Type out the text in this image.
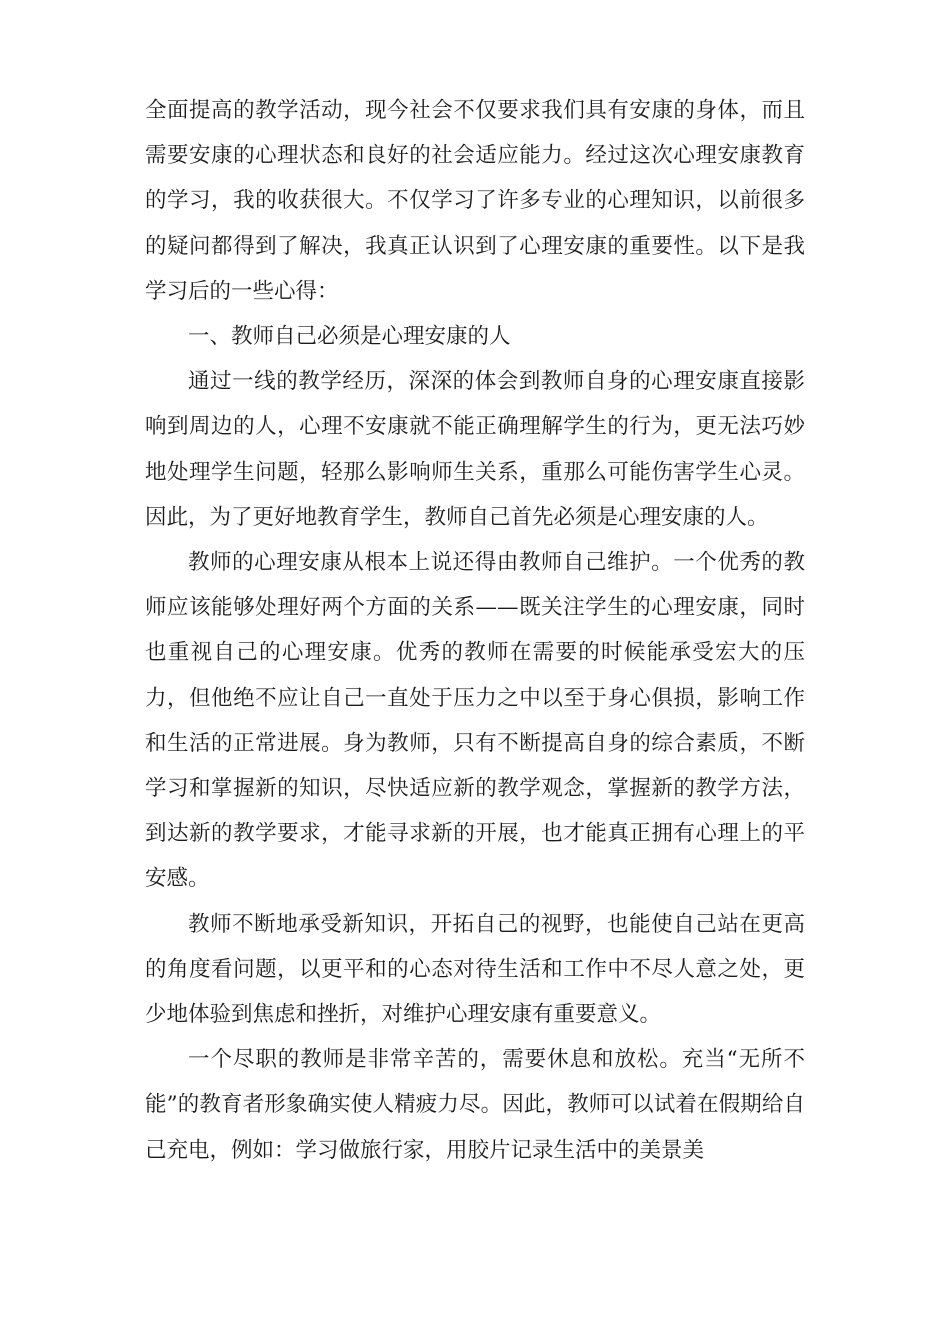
全面提高的教学活动，现今社会不仅要求我们具有安康的身体，而且需要安康的心理状态和良好的社会适应能力。经过这次心理安康教育的学习，我的收获很大。不仅学习了许多专业的心理知识，以前很多的疑问都得到了解决，我真正认识到了心理安康的重要性。以下是我学习后的一些心得：

一、教师自己必须是心理安康的人

通过一线的教学经历，深深的体会到教师自身的心理安康直接影响到周边的人，心理不安康就不能正确理解学生的行为，更无法巧妙地处理学生问题，轻那么影响师生关系，重那么可能伤害学生心灵。因此，为了更好地教育学生，教师自己首先必须是心理安康的人。

教师的心理安康从根本上说还得由教师自己维护。一个优秀的教师应该能够处理好两个方面的关系——既关注学生的心理安康，同时也重视自己的心理安康。优秀的教师在需要的时候能承受宏大的压力，但他绝不应让自己一直处于压力之中以至于身心俱损，影响工作和生活的正常进展。身为教师，只有不断提高自身的综合素质，不断学习和掌握新的知识，尽快适应新的教学观念，掌握新的教学方法，到达新的教学要求，才能寻求新的开展，也才能真正拥有心理上的平安感。

教师不断地承受新知识，开拓自己的视野，也能使自己站在更高的角度看问题，以更平和的心态对待生活和工作中不尽人意之处，更少地体验到焦虑和挫折，对维护心理安康有重要意义。

一个尽职的教师是非常辛苦的，需要休息和放松。充当“无所不能”的教育者形象确实使人精疲力尽。因此，教师可以试着在假期给自己充电，例如：学习做旅行家，用胶片记录生活中的美景美
